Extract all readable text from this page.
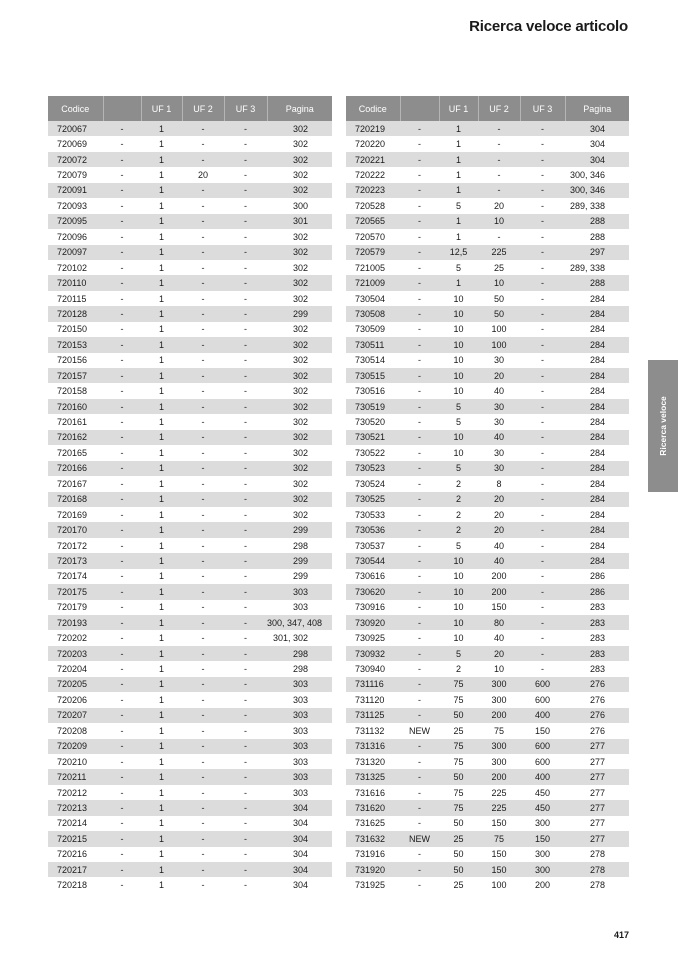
Ricerca veloce articolo
Codice		UF 1	UF 2	UF 3	Pagina
720067	-	1	-	-	302
720069	-	1	-	-	302
720072	-	1	-	-	302
720079	-	1	20	-	302
720091	-	1	-	-	302
720093	-	1	-	-	300
720095	-	1	-	-	301
720096	-	1	-	-	302
720097	-	1	-	-	302
720102	-	1	-	-	302
720110	-	1	-	-	302
720115	-	1	-	-	302
720128	-	1	-	-	299
720150	-	1	-	-	302
720153	-	1	-	-	302
720156	-	1	-	-	302
720157	-	1	-	-	302
720158	-	1	-	-	302
720160	-	1	-	-	302
720161	-	1	-	-	302
720162	-	1	-	-	302
720165	-	1	-	-	302
720166	-	1	-	-	302
720167	-	1	-	-	302
720168	-	1	-	-	302
720169	-	1	-	-	302
720170	-	1	-	-	299
720172	-	1	-	-	298
720173	-	1	-	-	299
720174	-	1	-	-	299
720175	-	1	-	-	303
720179	-	1	-	-	303
720193	-	1	-	-	300, 347, 408
720202	-	1	-	-	301, 302
720203	-	1	-	-	298
720204	-	1	-	-	298
720205	-	1	-	-	303
720206	-	1	-	-	303
720207	-	1	-	-	303
720208	-	1	-	-	303
720209	-	1	-	-	303
720210	-	1	-	-	303
720211	-	1	-	-	303
720212	-	1	-	-	303
720213	-	1	-	-	304
720214	-	1	-	-	304
720215	-	1	-	-	304
720216	-	1	-	-	304
720217	-	1	-	-	304
720218	-	1	-	-	304
Codice		UF 1	UF 2	UF 3	Pagina
720219	-	1	-	-	304
720220	-	1	-	-	304
720221	-	1	-	-	304
720222	-	1	-	-	300, 346
720223	-	1	-	-	300, 346
720528	-	5	20	-	289, 338
720565	-	1	10	-	288
720570	-	1	-	-	288
720579	-	12,5	225	-	297
721005	-	5	25	-	289, 338
721009	-	1	10	-	288
730504	-	10	50	-	284
730508	-	10	50	-	284
730509	-	10	100	-	284
730511	-	10	100	-	284
730514	-	10	30	-	284
730515	-	10	20	-	284
730516	-	10	40	-	284
730519	-	5	30	-	284
730520	-	5	30	-	284
730521	-	10	40	-	284
730522	-	10	30	-	284
730523	-	5	30	-	284
730524	-	2	8	-	284
730525	-	2	20	-	284
730533	-	2	20	-	284
730536	-	2	20	-	284
730537	-	5	40	-	284
730544	-	10	40	-	284
730616	-	10	200	-	286
730620	-	10	200	-	286
730916	-	10	150	-	283
730920	-	10	80	-	283
730925	-	10	40	-	283
730932	-	5	20	-	283
730940	-	2	10	-	283
731116	-	75	300	600	276
731120	-	75	300	600	276
731125	-	50	200	400	276
731132	NEW	25	75	150	276
731316	-	75	300	600	277
731320	-	75	300	600	277
731325	-	50	200	400	277
731616	-	75	225	450	277
731620	-	75	225	450	277
731625	-	50	150	300	277
731632	NEW	25	75	150	277
731916	-	50	150	300	278
731920	-	50	150	300	278
731925	-	25	100	200	278
Ricerca veloce
417
